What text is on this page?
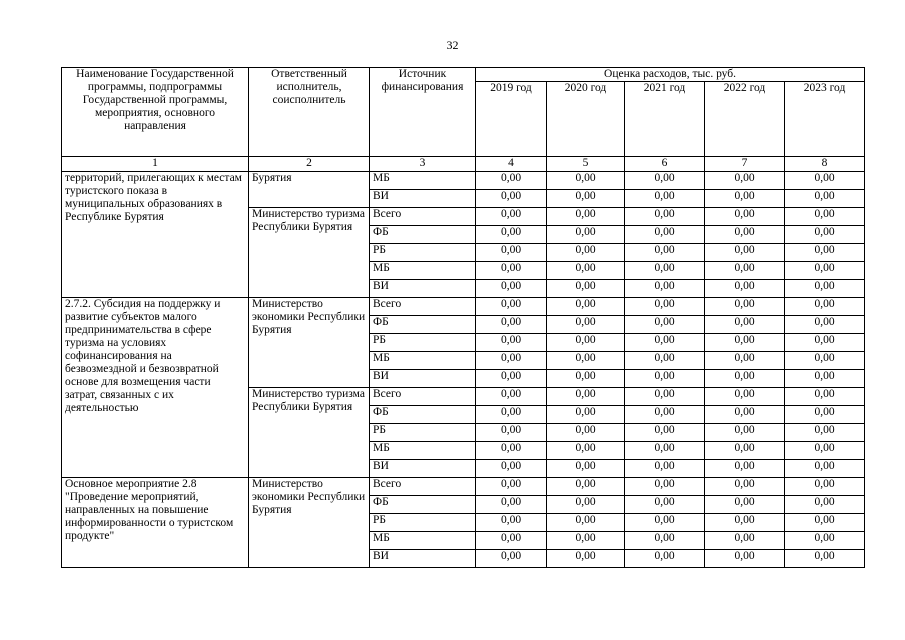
32
Наименование Государственной программы, подпрограммы Государственной программы, мероприятия, основного направления	Ответственный исполнитель, соисполнитель	Источник финансирования	Оценка расходов, тыс. руб.				
			2019 год	2020 год	2021 год	2022 год	2023 год
1	2	3	4	5	6	7	8
территорий, прилегающих к местам туристского показа в муниципальных образованиях в Республике Бурятия	Бурятия	МБ	0,00	0,00	0,00	0,00	0,00
		ВИ	0,00	0,00	0,00	0,00	0,00
	Министерство туризма Республики Бурятия	Всего	0,00	0,00	0,00	0,00	0,00
		ФБ	0,00	0,00	0,00	0,00	0,00
		РБ	0,00	0,00	0,00	0,00	0,00
		МБ	0,00	0,00	0,00	0,00	0,00
		ВИ	0,00	0,00	0,00	0,00	0,00
2.7.2. Субсидия на поддержку и развитие субъектов малого предпринимательства в сфере туризма на условиях софинансирования на безвозмездной и безвозвратной основе для возмещения части затрат, связанных с их деятельностью	Министерство экономики Республики Бурятия	Всего	0,00	0,00	0,00	0,00	0,00
		ФБ	0,00	0,00	0,00	0,00	0,00
		РБ	0,00	0,00	0,00	0,00	0,00
		МБ	0,00	0,00	0,00	0,00	0,00
		ВИ	0,00	0,00	0,00	0,00	0,00
	Министерство туризма Республики Бурятия	Всего	0,00	0,00	0,00	0,00	0,00
		ФБ	0,00	0,00	0,00	0,00	0,00
		РБ	0,00	0,00	0,00	0,00	0,00
		МБ	0,00	0,00	0,00	0,00	0,00
		ВИ	0,00	0,00	0,00	0,00	0,00
Основное мероприятие 2.8 "Проведение мероприятий, направленных на повышение информированности о туристском продукте"	Министерство экономики Республики Бурятия	Всего	0,00	0,00	0,00	0,00	0,00
		ФБ	0,00	0,00	0,00	0,00	0,00
		РБ	0,00	0,00	0,00	0,00	0,00
		МБ	0,00	0,00	0,00	0,00	0,00
		ВИ	0,00	0,00	0,00	0,00	0,00
